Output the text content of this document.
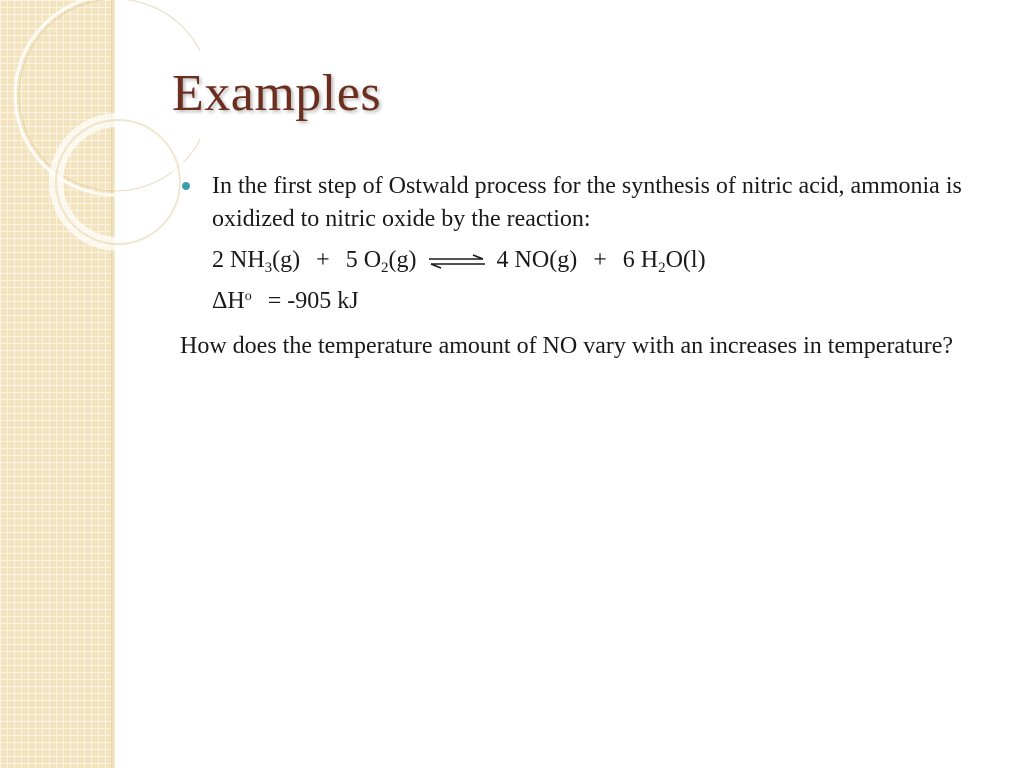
Examples

In the first step of Ostwald process for the synthesis of nitric acid, ammonia is oxidized to nitric oxide by the reaction:

2 $NH_3(g) + 5$ $O_2(g)$ ⇌ 4 NO(g) + 6 $H_2O(l)$
$\Delta H^o = -905$ kJ

How does the temperature amount of NO vary with an increases in temperature?
